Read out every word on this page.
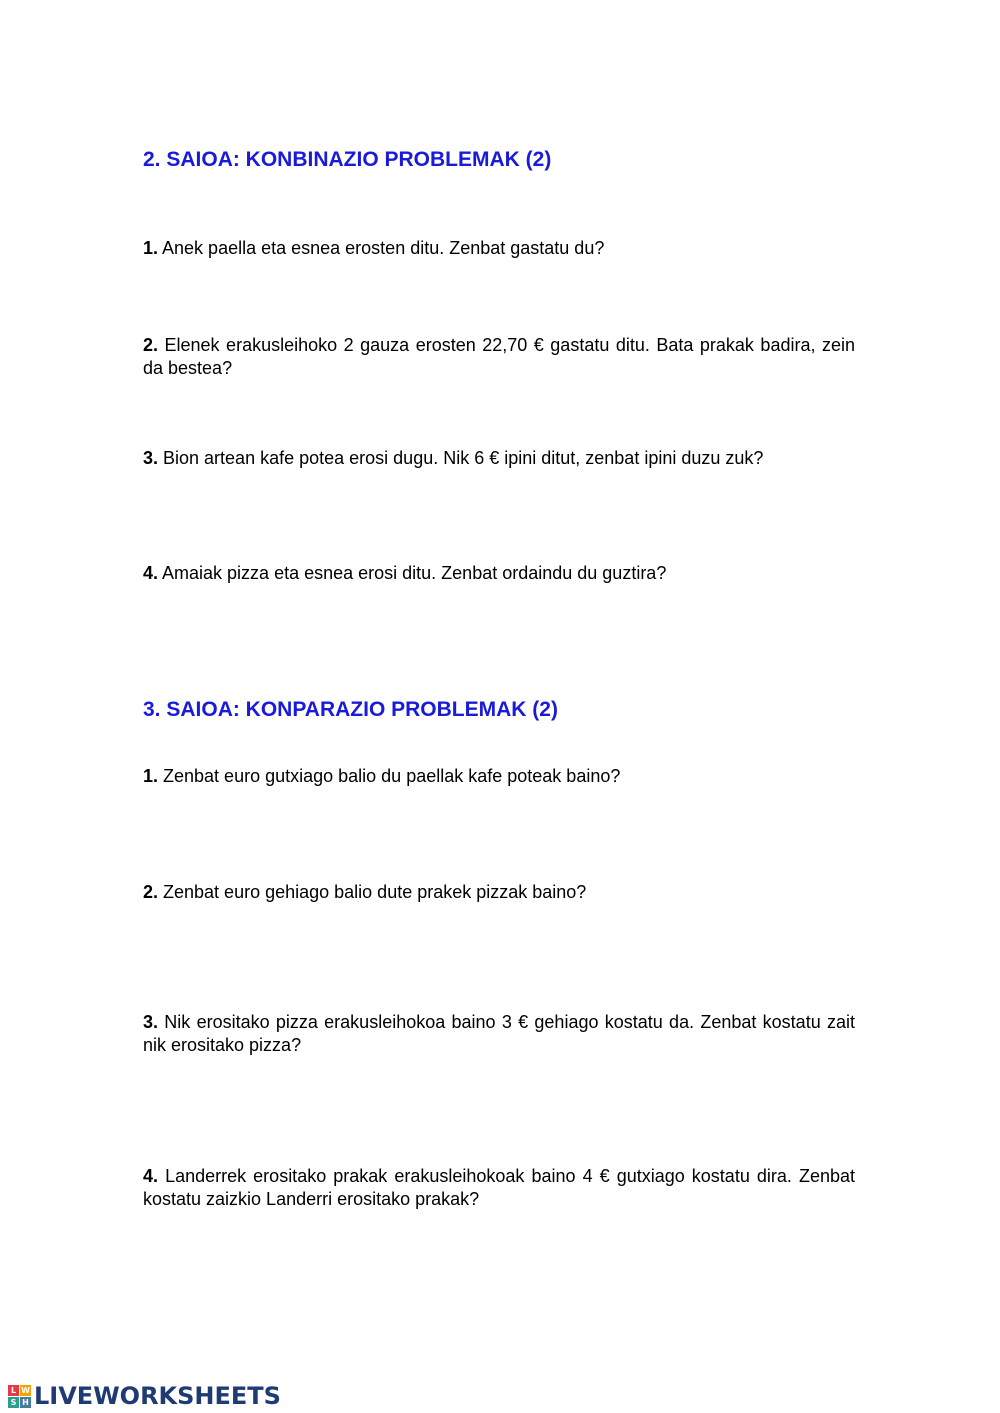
2. SAIOA: KONBINAZIO PROBLEMAK (2)

1. Anek paella eta esnea erosten ditu. Zenbat gastatu du?

2. Elenek erakusleihoko 2 gauza erosten 22,70 € gastatu ditu. Bata prakak badira, zein da bestea?

3. Bion artean kafe potea erosi dugu. Nik 6 € ipini ditut, zenbat ipini duzu zuk?

4. Amaiak pizza eta esnea erosi ditu. Zenbat ordaindu du guztira?

3. SAIOA: KONPARAZIO PROBLEMAK (2)

1. Zenbat euro gutxiago balio du paellak kafe poteak baino?

2. Zenbat euro gehiago balio dute prakek pizzak baino?

3. Nik erositako pizza erakusleihokoa baino 3 € gehiago kostatu da. Zenbat kostatu zait nik erositako pizza?

4. Landerrek erositako prakak erakusleihokoak baino 4 € gutxiago kostatu dira. Zenbat kostatu zaizkio Landerri erositako prakak?

L W
S H LIVEWORKSHEETS
